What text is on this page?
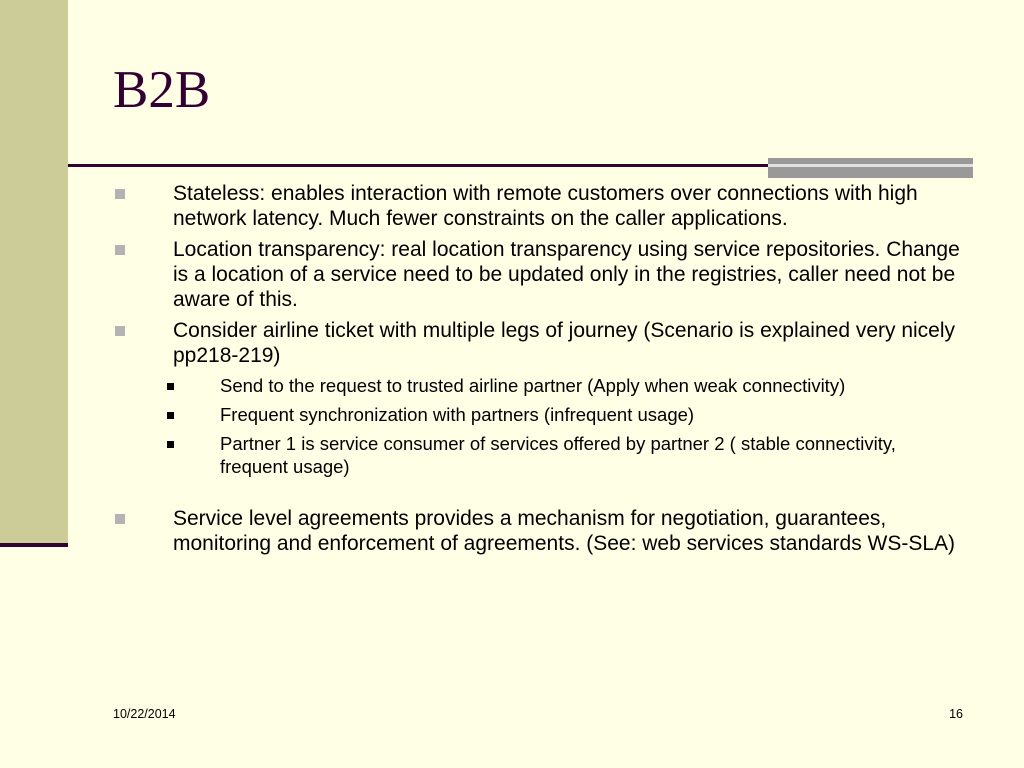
B2B
Stateless: enables interaction with remote customers over connections with high network latency. Much fewer constraints on the caller applications.
Location transparency: real location transparency using service repositories. Change is a location of a service need to be updated only in the registries, caller need not be aware of this.
Consider airline ticket with multiple legs of journey (Scenario is explained very nicely pp218-219)
Send to the request to trusted airline partner (Apply when weak connectivity)
Frequent synchronization with partners (infrequent usage)
Partner 1 is service consumer of services offered by partner 2 ( stable connectivity, frequent usage)
Service level agreements provides a mechanism for negotiation, guarantees, monitoring and enforcement of agreements. (See: web services standards WS-SLA)
10/22/2014	16
